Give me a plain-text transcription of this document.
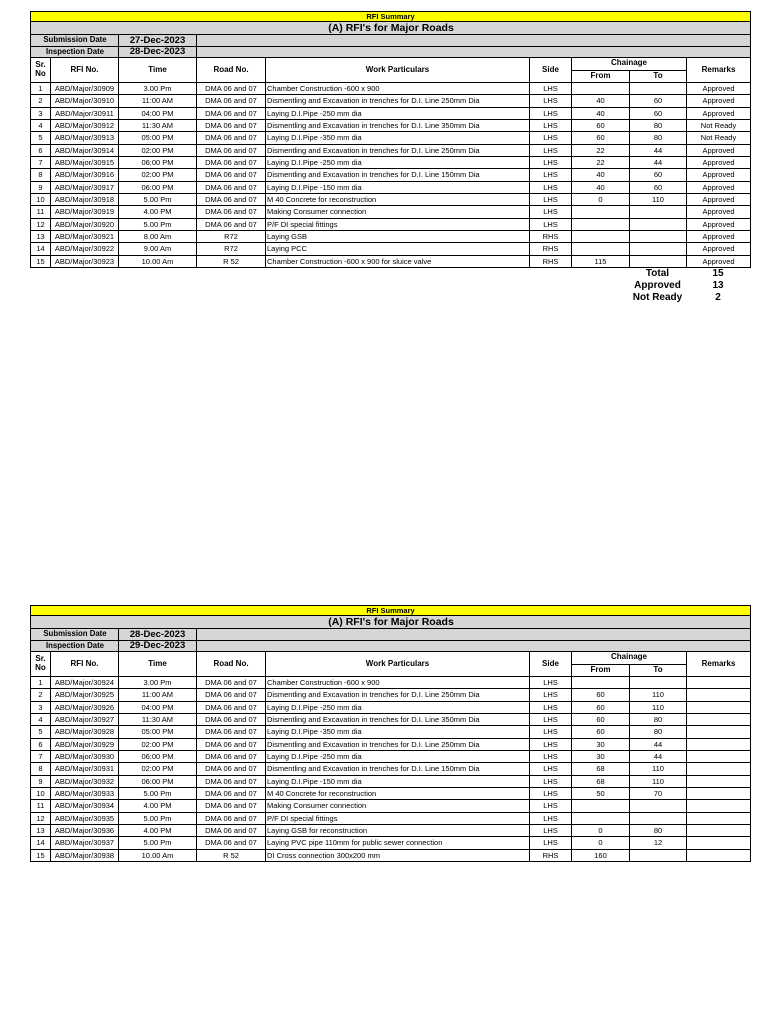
RFI Summary								
(A) RFI's for Major Roads								
Submission Date		27-Dec-2023						
Inspection Date		28-Dec-2023						
Sr. No	RFI No.	Time	Road No.	Work Particulars	Side	Chainage		Remarks
						From	To	
1	ABD/Major/30909	3.00 Pm	DMA 06 and 07	Chamber Construction -600 x 900	LHS			Approved
2	ABD/Major/30910	11:00 AM	DMA 06 and 07	Dismentling and Excavation in trenches for D.I. Line 250mm Dia	LHS	40	60	Approved
3	ABD/Major/30911	04:00 PM	DMA 06 and 07	Laying D.I.Pipe -250 mm dia	LHS	40	60	Approved
4	ABD/Major/30912	11:30 AM	DMA 06 and 07	Dismentling and Excavation in trenches for D.I. Line 350mm Dia	LHS	60	80	Not Ready
5	ABD/Major/30913	05:00 PM	DMA 06 and 07	Laying D.I.Pipe -350 mm dia	LHS	60	80	Not Ready
6	ABD/Major/30914	02:00 PM	DMA 06 and 07	Dismentling and Excavation in trenches for D.I. Line 250mm Dia	LHS	22	44	Approved
7	ABD/Major/30915	06:00 PM	DMA 06 and 07	Laying D.I.Pipe -250 mm dia	LHS	22	44	Approved
8	ABD/Major/30916	02:00 PM	DMA 06 and 07	Dismentling and Excavation in trenches for D.I. Line 150mm Dia	LHS	40	60	Approved
9	ABD/Major/30917	06:00 PM	DMA 06 and 07	Laying D.I.Pipe -150 mm dia	LHS	40	60	Approved
10	ABD/Major/30918	5.00 Pm	DMA 06 and 07	M 40 Concrete for reconstruction	LHS	0	110	Approved
11	ABD/Major/30919	4.00 PM	DMA 06 and 07	Making Consumer connection	LHS			Approved
12	ABD/Major/30920	5.00 Pm	DMA 06 and 07	P/F DI special fittings	LHS			Approved
13	ABD/Major/30921	8.00 Am	R72	Laying GSB	RHS			Approved
14	ABD/Major/30922	9.00 Am	R72	Laying PCC	RHS			Approved
15	ABD/Major/30923	10.00 Am	R 52	Chamber Construction -600 x 900 for sluice valve	RHS	115		Approved
Total	15
Approved	13
Not Ready	2
RFI Summary								
(A) RFI's for Major Roads								
Submission Date		28-Dec-2023						
Inspection Date		29-Dec-2023						
Sr. No	RFI No.	Time	Road No.	Work Particulars	Side	Chainage		Remarks
						From	To	
1	ABD/Major/30924	3.00 Pm	DMA 06 and 07	Chamber Construction -600 x 900	LHS			
2	ABD/Major/30925	11:00 AM	DMA 06 and 07	Dismentling and Excavation in trenches for D.I. Line 250mm Dia	LHS	60	110	
3	ABD/Major/30926	04:00 PM	DMA 06 and 07	Laying D.I.Pipe -250 mm dia	LHS	60	110	
4	ABD/Major/30927	11:30 AM	DMA 06 and 07	Dismentling and Excavation in trenches for D.I. Line 350mm Dia	LHS	60	80	
5	ABD/Major/30928	05:00 PM	DMA 06 and 07	Laying D.I.Pipe -350 mm dia	LHS	60	80	
6	ABD/Major/30929	02:00 PM	DMA 06 and 07	Dismentling and Excavation in trenches for D.I. Line 250mm Dia	LHS	30	44	
7	ABD/Major/30930	06:00 PM	DMA 06 and 07	Laying D.I.Pipe -250 mm dia	LHS	30	44	
8	ABD/Major/30931	02:00 PM	DMA 06 and 07	Dismentling and Excavation in trenches for D.I. Line 150mm Dia	LHS	68	110	
9	ABD/Major/30932	06:00 PM	DMA 06 and 07	Laying D.I.Pipe -150 mm dia	LHS	68	110	
10	ABD/Major/30933	5.00 Pm	DMA 06 and 07	M 40 Concrete for reconstruction	LHS	50	70	
11	ABD/Major/30934	4.00 PM	DMA 06 and 07	Making Consumer connection	LHS			
12	ABD/Major/30935	5.00 Pm	DMA 06 and 07	P/F DI special fittings	LHS			
13	ABD/Major/30936	4.00 PM	DMA 06 and 07	Laying GSB for reconstruction	LHS	0	80	
14	ABD/Major/30937	5.00 Pm	DMA 06 and 07	Laying PVC pipe 110mm for public sewer connection	LHS	0	12	
15	ABD/Major/30938	10.00 Am	R 52	DI Cross connection 300x200 mm	RHS	160		
